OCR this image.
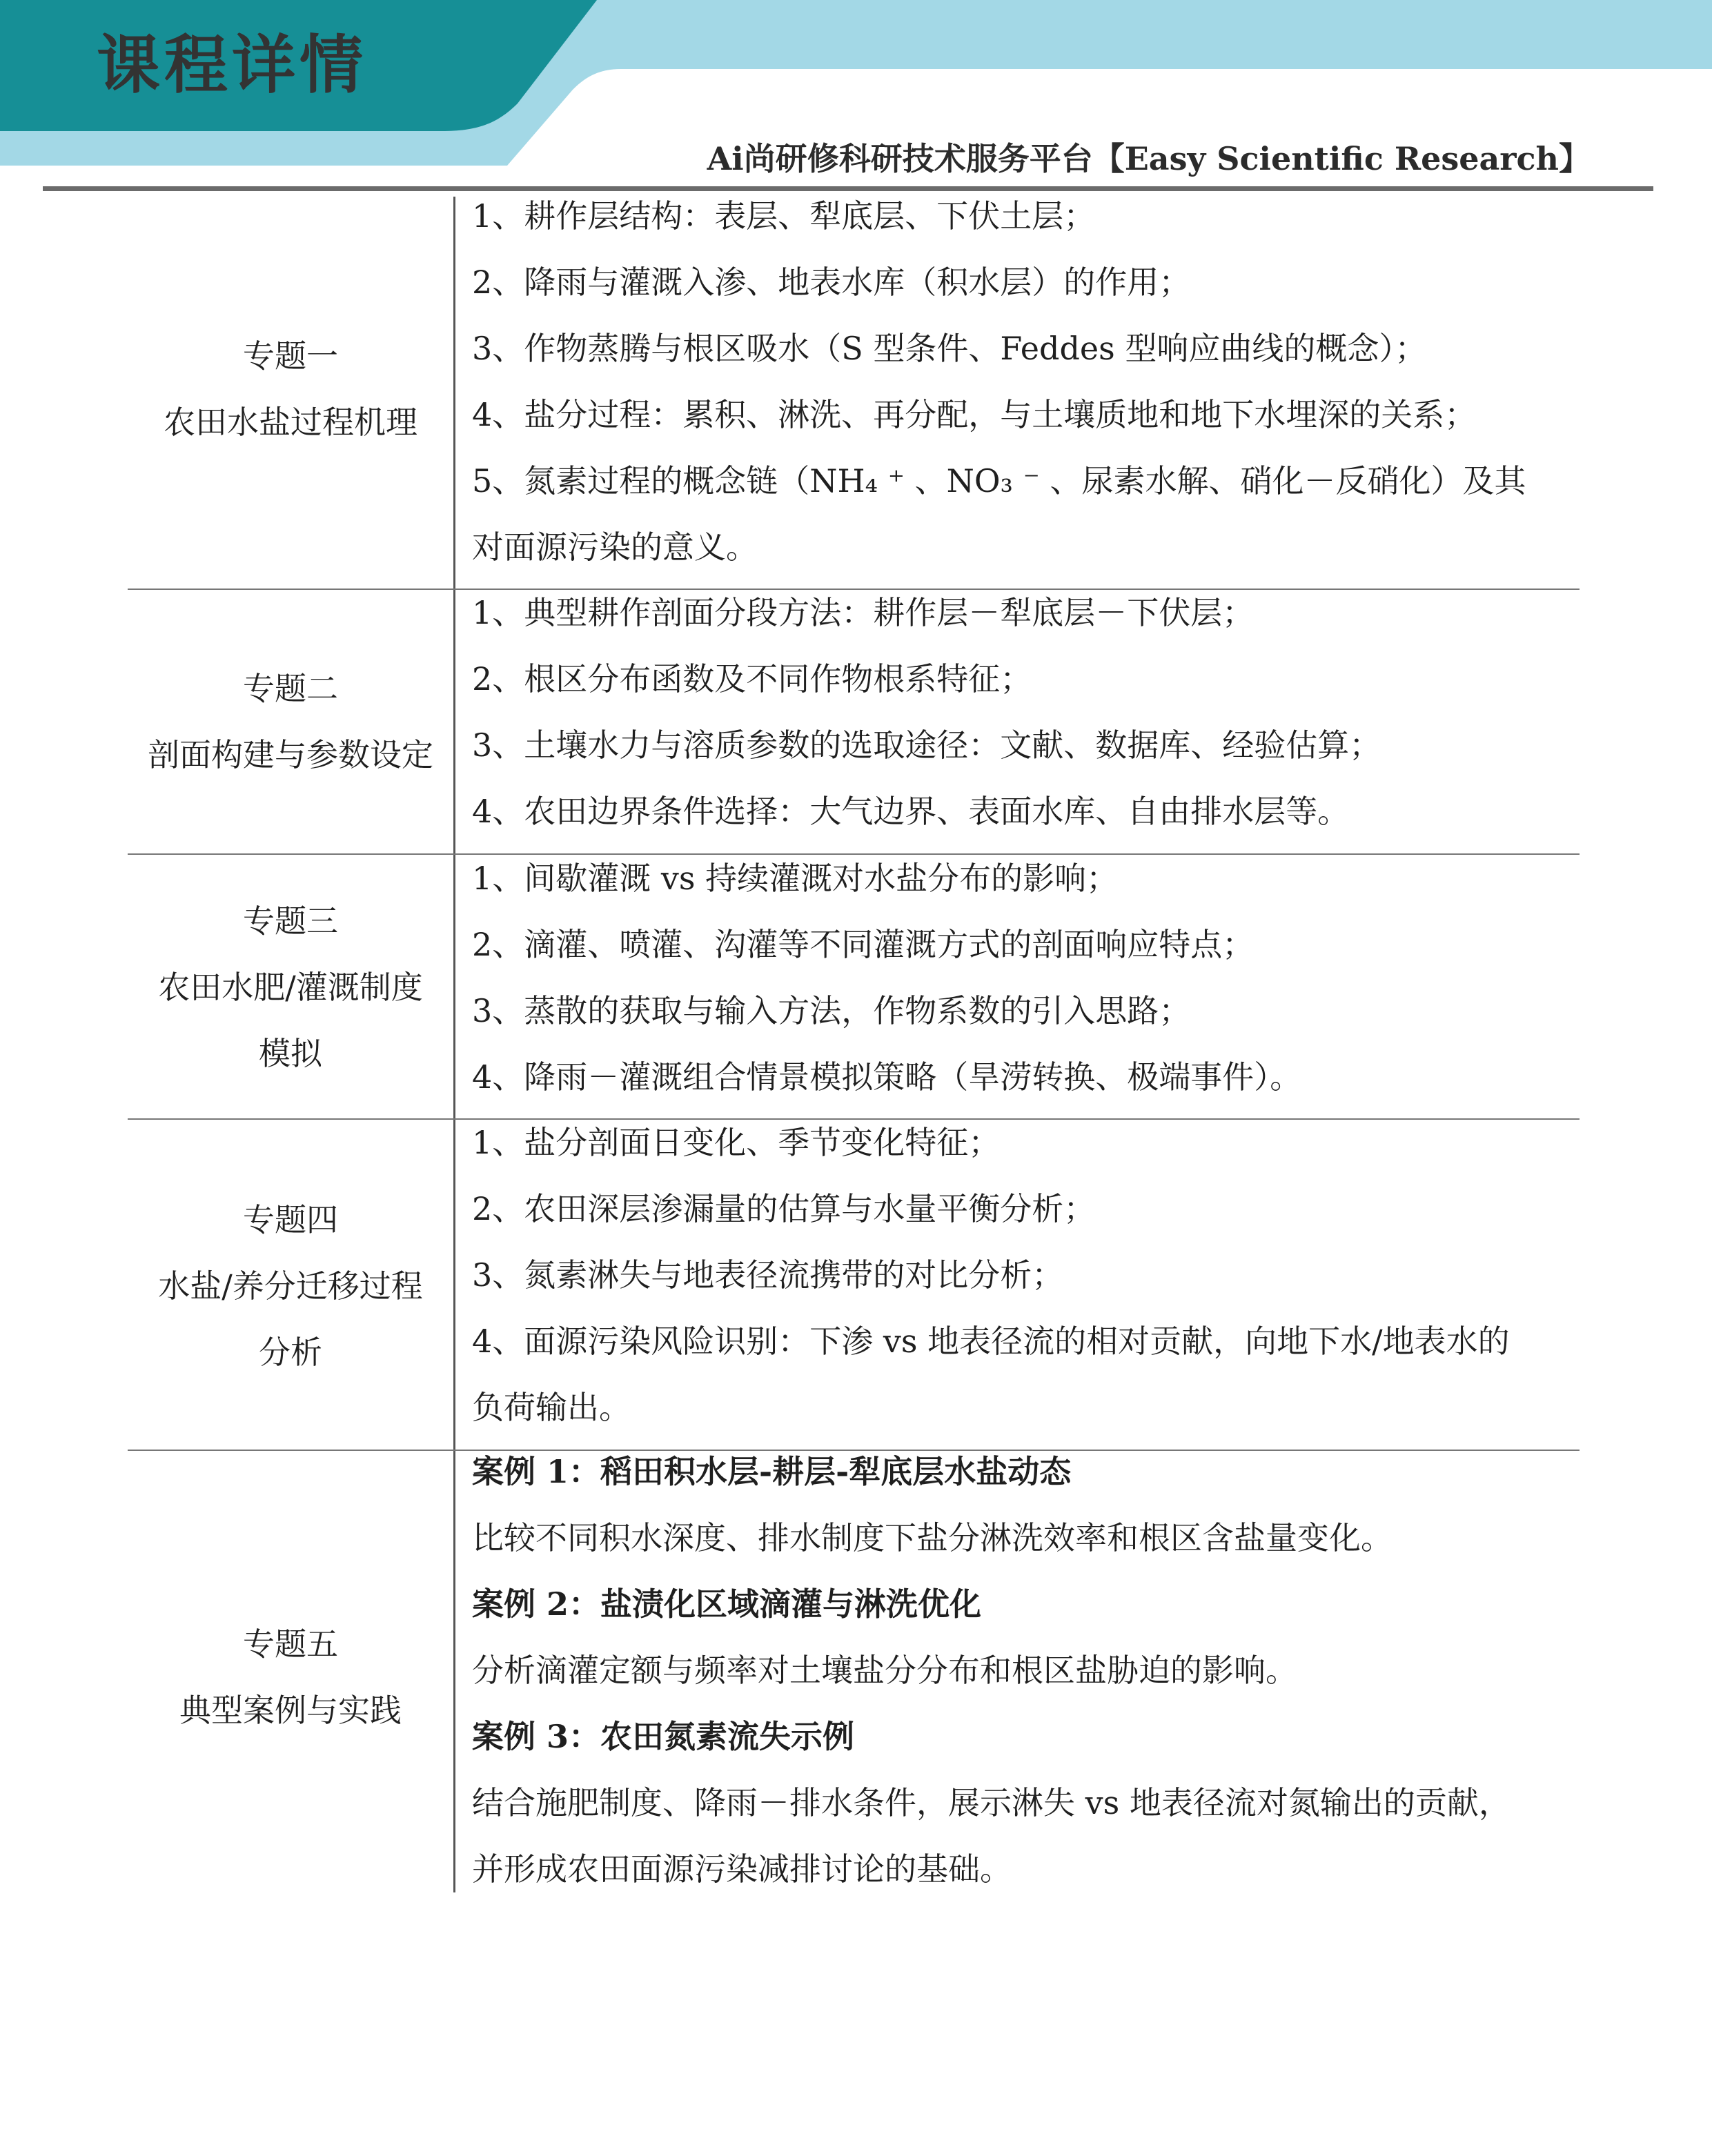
课程详情
Ai尚研修科研技术服务平台【Easy Scientific Research】
专题一
农田水盐过程机理
1、耕作层结构：表层、犁底层、下伏土层；
2、降雨与灌溉入渗、地表水库（积水层）的作用；
3、作物蒸腾与根区吸水（S 型条件、Feddes 型响应曲线的概念）；
4、盐分过程：累积、淋洗、再分配，与土壤质地和地下水埋深的关系；
5、氮素过程的概念链（NH₄ ⁺ 、NO₃ ⁻ 、尿素水解、硝化－反硝化）及其
对面源污染的意义。
专题二
剖面构建与参数设定
1、典型耕作剖面分段方法：耕作层－犁底层－下伏层；
2、根区分布函数及不同作物根系特征；
3、土壤水力与溶质参数的选取途径：文献、数据库、经验估算；
4、农田边界条件选择：大气边界、表面水库、自由排水层等。
专题三
农田水肥/灌溉制度
模拟
1、间歇灌溉 vs 持续灌溉对水盐分布的影响；
2、滴灌、喷灌、沟灌等不同灌溉方式的剖面响应特点；
3、蒸散的获取与输入方法，作物系数的引入思路；
4、降雨－灌溉组合情景模拟策略（旱涝转换、极端事件）。
专题四
水盐/养分迁移过程
分析
1、盐分剖面日变化、季节变化特征；
2、农田深层渗漏量的估算与水量平衡分析；
3、氮素淋失与地表径流携带的对比分析；
4、面源污染风险识别：下渗 vs 地表径流的相对贡献，向地下水/地表水的
负荷输出。
专题五
典型案例与实践
案例 1：稻田积水层-耕层-犁底层水盐动态
比较不同积水深度、排水制度下盐分淋洗效率和根区含盐量变化。
案例 2：盐渍化区域滴灌与淋洗优化
分析滴灌定额与频率对土壤盐分分布和根区盐胁迫的影响。
案例 3：农田氮素流失示例
结合施肥制度、降雨－排水条件，展示淋失 vs 地表径流对氮输出的贡献，
并形成农田面源污染减排讨论的基础。
